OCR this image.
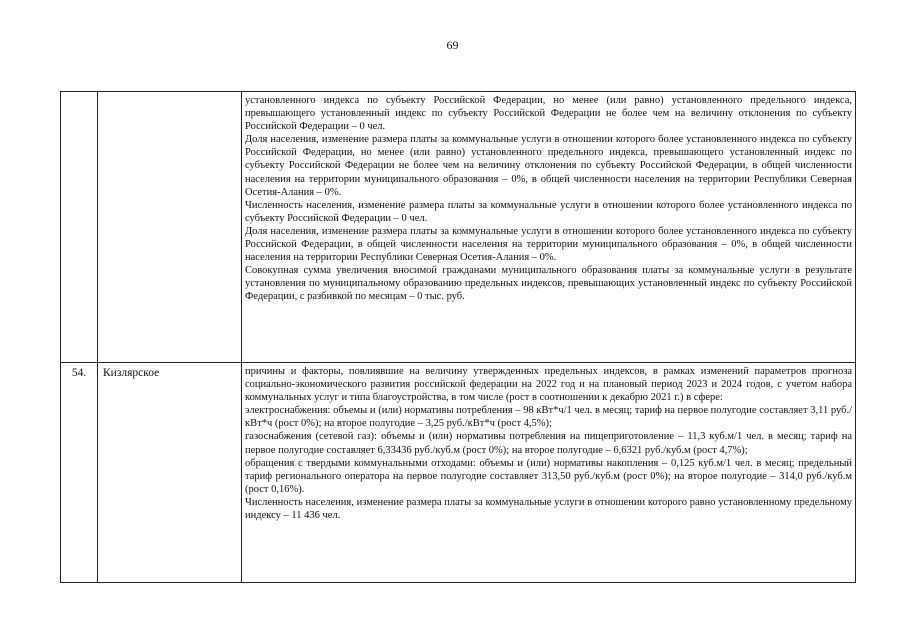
69

		установленного индекса по субъекту Российской Федерации, но менее (или равно) установленного предельного индекса, превышающего установленный индекс по субъекту Российской Федерации не более чем на величину отклонения по субъекту Российской Федерации – 0 чел.

Доля населения, изменение размера платы за коммунальные услуги в отношении которого более установленного индекса по субъекту Российской Федерации, но менее (или равно) установленного предельного индекса, превышающего установленный индекс по субъекту Российской Федерации не более чем на величину отклонения по субъекту Российской Федерации, в общей численности населения на территории муниципального образования – 0%, в общей численности населения на территории Республики Северная Осетия-Алания – 0%.

Численность населения, изменение размера платы за коммунальные услуги в отношении которого более установленного индекса по субъекту Российской Федерации – 0 чел.

Доля населения, изменение размера платы за коммунальные услуги в отношении которого более установленного индекса по субъекту Российской Федерации, в общей численности населения на территории муниципального образования – 0%, в общей численности населения на территории Республики Северная Осетия-Алания – 0%.

Совокупная сумма увеличения вносимой гражданами муниципального образования платы за коммунальные услуги в результате установления по муниципальному образованию предельных индексов, превышающих установленный индекс по субъекту Российской Федерации, с разбивкой по месяцам – 0 тыс. руб.

54.	Кизлярское	причины и факторы, повлиявшие на величину утвержденных предельных индексов, в рамках изменений параметров прогноза социально-экономического развития российской федерации на 2022 год и на плановый период 2023 и 2024 годов, с учетом набора коммунальных услуг и типа благоустройства, в том числе (рост в соотношении к декабрю 2021 г.) в сфере:

электроснабжения: объемы и (или) нормативы потребления – 98 кВт*ч/1 чел. в месяц; тариф на первое полугодие составляет 3,11 руб./кВт*ч (рост 0%); на второе полугодие – 3,25 руб./кВт*ч (рост 4,5%);

газоснабжения (сетевой газ): объемы и (или) нормативы потребления на пищеприготовление – 11,3 куб.м/1 чел. в месяц; тариф на первое полугодие составляет 6,33436 руб./куб.м (рост 0%); на второе полугодие – 6,6321 руб./куб.м (рост 4,7%);

обращения с твердыми коммунальными отходами: объемы и (или) нормативы накопления – 0,125 куб.м/1 чел. в месяц; предельный тариф регионального оператора на первое полугодие составляет 313,50 руб./куб.м (рост 0%); на второе полугодие – 314,0 руб./куб.м (рост 0,16%).

Численность населения, изменение размера платы за коммунальные услуги в отношении которого равно установленному предельному индексу – 11 436 чел.
